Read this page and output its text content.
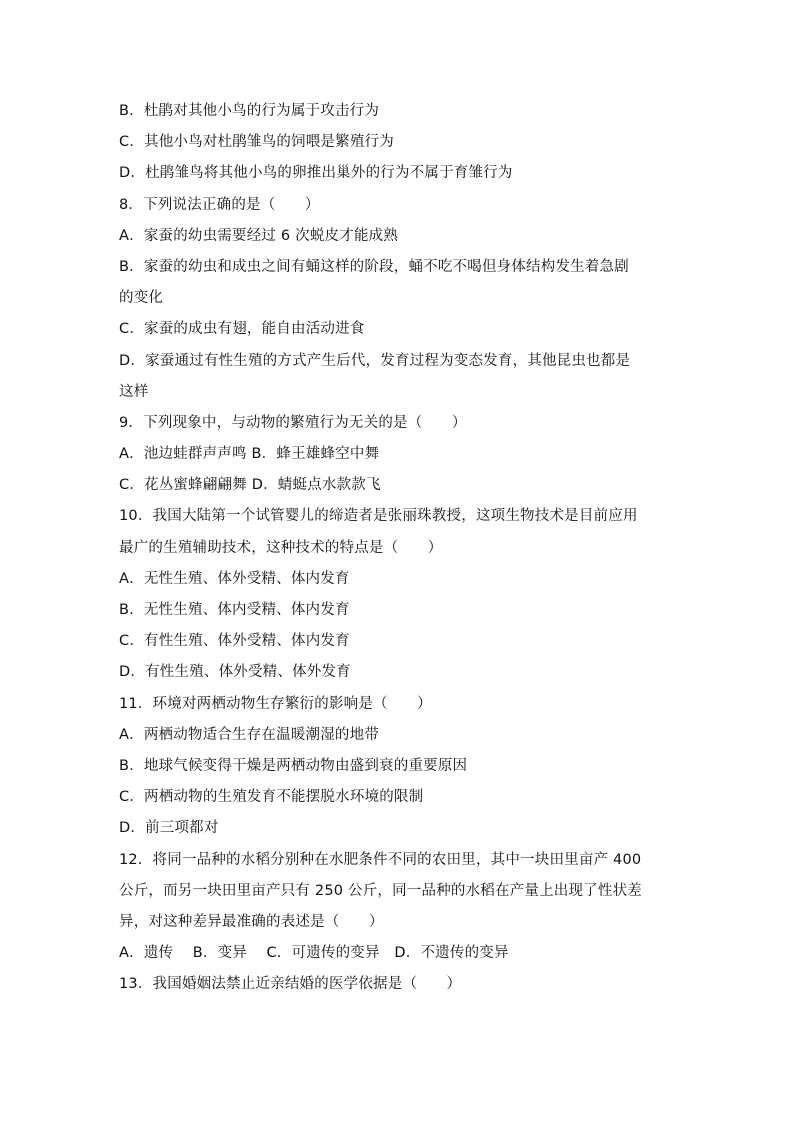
B．杜鹃对其他小鸟的行为属于攻击行为
C．其他小鸟对杜鹃雏鸟的饲喂是繁殖行为
D．杜鹃雏鸟将其他小鸟的卵推出巢外的行为不属于育雏行为
8．下列说法正确的是（　　）
A．家蚕的幼虫需要经过 6 次蜕皮才能成熟
B．家蚕的幼虫和成虫之间有蛹这样的阶段，蛹不吃不喝但身体结构发生着急剧
的变化
C．家蚕的成虫有翅，能自由活动进食
D．家蚕通过有性生殖的方式产生后代，发育过程为变态发育，其他昆虫也都是
这样
9．下列现象中，与动物的繁殖行为无关的是（　　）
A．池边蛙群声声鸣 B．蜂王雄蜂空中舞
C．花丛蜜蜂翩翩舞 D．蜻蜓点水款款飞
10．我国大陆第一个试管婴儿的缔造者是张丽珠教授，这项生物技术是目前应用
最广的生殖辅助技术，这种技术的特点是（　　）
A．无性生殖、体外受精、体内发育
B．无性生殖、体内受精、体内发育
C．有性生殖、体外受精、体内发育
D．有性生殖、体外受精、体外发育
11．环境对两栖动物生存繁衍的影响是（　　）
A．两栖动物适合生存在温暖潮湿的地带
B．地球气候变得干燥是两栖动物由盛到衰的重要原因
C．两栖动物的生殖发育不能摆脱水环境的限制
D．前三项都对
12．将同一品种的水稻分别种在水肥条件不同的农田里，其中一块田里亩产 400
公斤，而另一块田里亩产只有 250 公斤，同一品种的水稻在产量上出现了性状差
异，对这种差异最准确的表述是（　　）
A．遗传　 B．变异　 C．可遗传的变异　D．不遗传的变异
13．我国婚姻法禁止近亲结婚的医学依据是（　　）
